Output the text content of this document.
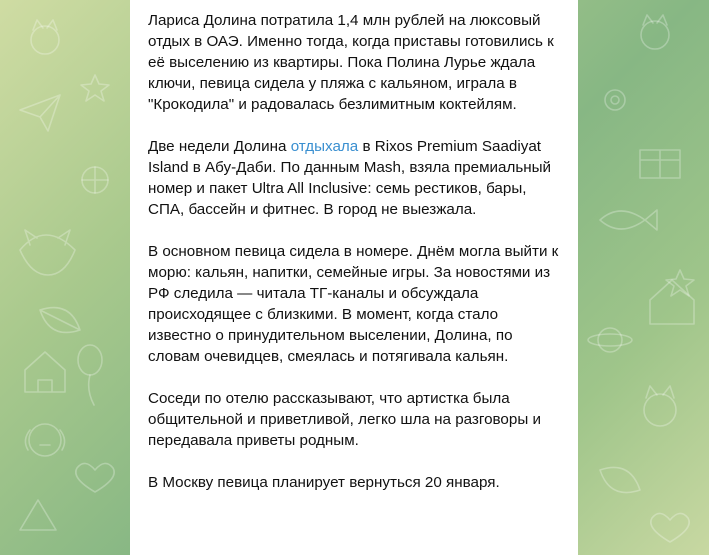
Лариса Долина потратила 1,4 млн рублей на люксовый отдых в ОАЭ. Именно тогда, когда приставы готовились к её выселению из квартиры. Пока Полина Лурье ждала ключи, певица сидела у пляжа с кальяном, играла в "Крокодила" и радовалась безлимитным коктейлям.

Две недели Долина отдыхала в Rixos Premium Saadiyat Island в Абу-Даби. По данным Mash, взяла премиальный номер и пакет Ultra All Inclusive: семь рестиков, бары, СПА, бассейн и фитнес. В город не выезжала.

В основном певица сидела в номере. Днём могла выйти к морю: кальян, напитки, семейные игры. За новостями из РФ следила — читала ТГ-каналы и обсуждала происходящее с близкими. В момент, когда стало известно о принудительном выселении, Долина, по словам очевидцев, смеялась и потягивала кальян.

Соседи по отелю рассказывают, что артистка была общительной и приветливой, легко шла на разговоры и передавала приветы родным.

В Москву певица планирует вернуться 20 января.
